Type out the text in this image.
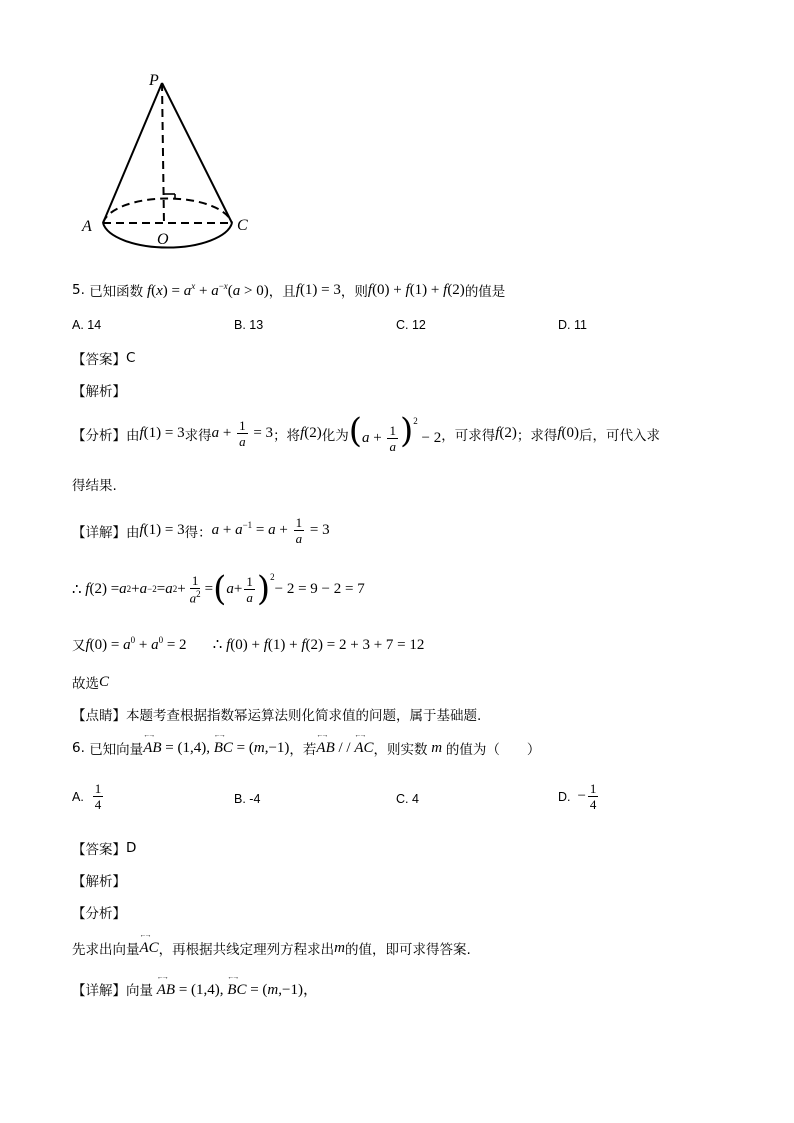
P
A
O
C
5.
已知函数 $f(x) = a^x + a^{-x}(a > 0)$ ，且 f(1) = 3 ，则 f(0) + f(1) + f(2) 的值是
A. 14	B. 13	C. 12	D. 11
【答案】 C
【解析】
【分析】 由 f(1) = 3 求得 $a + \frac{1}{a} = 3$ ；将 f(2) 化为 $(a + \frac{1}{a} )^2 - 2$ ，可求得 f(2) ；求得 f(0) 后，可代入求
得结果.
【详解】 由 f(1) = 3 得： $a + a^{-1} = a + \frac{1}{a} = 3$
∴ f (2) = a 2 + a −2 = a $2 + \frac{1}{a^2}$ = ( $a + \frac{1}{a} )^2$
− 2 = 9 − 2 = 7
又 $f(0) = a^0 + a^0 = 2$       ∴ f(0) + f(1) + f(2) = 2 + 3 + 7 = 12
故选 C
【点睛】 本题考查根据指数幂运算法则化简求值的问题，属于基础题.
6.
已知向量 ←→ AB = (1,4), ←→ BC = (m,−1) ，若 ←→ AB / / ←→ AC ，则实数 m 的值为（　　）
A.
$\frac{1}{4}$	B. -4	C. 4	D.
− $\frac{1}{4}$
【答案】 D
【解析】
【分析】
先求出向量 ←→ AC ，再根据共线定理列方程求出 m 的值，即可求得答案.
【详解】 向量 ←→ AB = (1,4), ←→ BC = (m,−1)，
